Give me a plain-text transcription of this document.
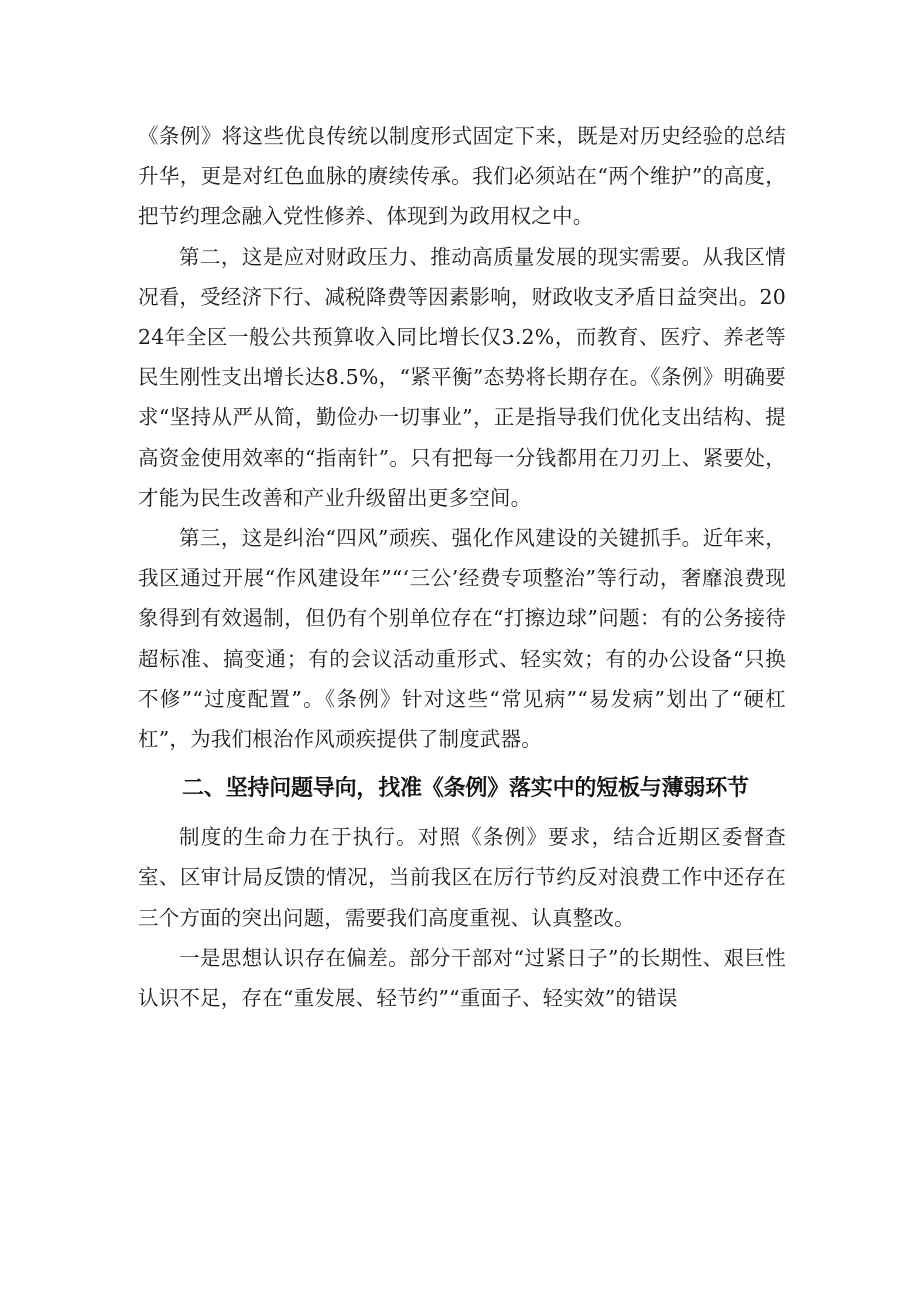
《条例》将这些优良传统以制度形式固定下来，既是对历史经验的总结升华，更是对红色血脉的赓续传承。我们必须站在“两个维护”的高度，把节约理念融入党性修养、体现到为政用权之中。

第二，这是应对财政压力、推动高质量发展的现实需要。从我区情况看，受经济下行、减税降费等因素影响，财政收支矛盾日益突出。2024年全区一般公共预算收入同比增长仅3.2%，而教育、医疗、养老等民生刚性支出增长达8.5%，“紧平衡”态势将长期存在。《条例》明确要求“坚持从严从简，勤俭办一切事业”，正是指导我们优化支出结构、提高资金使用效率的“指南针”。只有把每一分钱都用在刀刃上、紧要处，才能为民生改善和产业升级留出更多空间。

第三，这是纠治“四风”顽疾、强化作风建设的关键抓手。近年来，我区通过开展“作风建设年”“‘三公’经费专项整治”等行动，奢靡浪费现象得到有效遏制，但仍有个别单位存在“打擦边球”问题：有的公务接待超标准、搞变通；有的会议活动重形式、轻实效；有的办公设备“只换不修”“过度配置”。《条例》针对这些“常见病”“易发病”划出了“硬杠杠”，为我们根治作风顽疾提供了制度武器。

二、坚持问题导向，找准《条例》落实中的短板与薄弱环节

制度的生命力在于执行。对照《条例》要求，结合近期区委督查室、区审计局反馈的情况，当前我区在厉行节约反对浪费工作中还存在三个方面的突出问题，需要我们高度重视、认真整改。

一是思想认识存在偏差。部分干部对“过紧日子”的长期性、艰巨性认识不足，存在“重发展、轻节约”“重面子、轻实效”的错误
